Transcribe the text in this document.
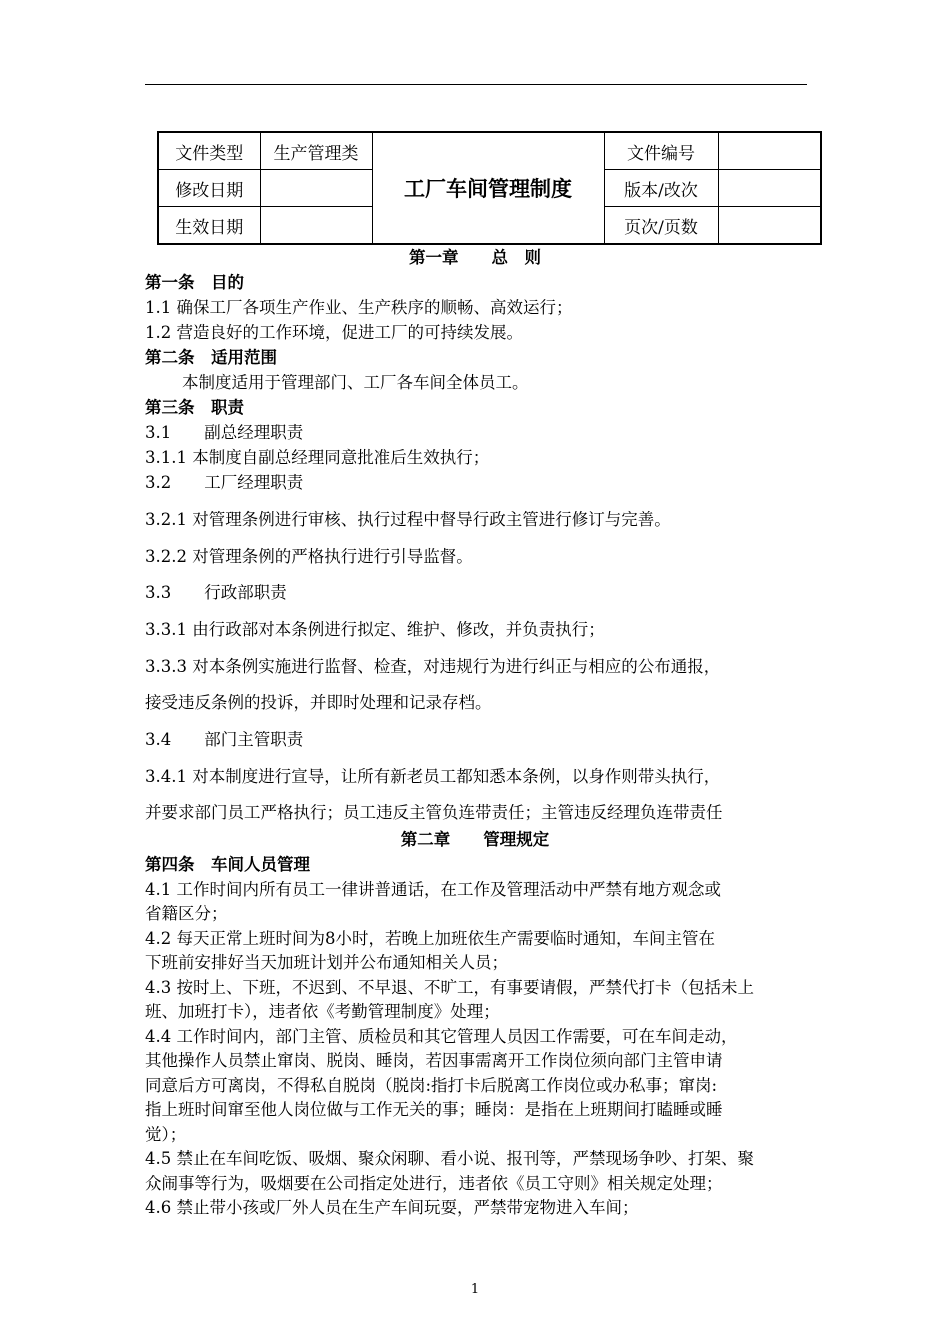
文件类型	生产管理类	工厂车间管理制度	文件编号	
修改日期			版本/改次	
生效日期			页次/页数	
第一章　　总　则
第一条　目的
1.1 确保工厂各项生产作业、生产秩序的顺畅、高效运行；
1.2 营造良好的工作环境，促进工厂的可持续发展。
第二条　适用范围
本制度适用于管理部门、工厂各车间全体员工。
第三条　职责
3.1　　副总经理职责
3.1.1 本制度自副总经理同意批准后生效执行；
3.2　　工厂经理职责
3.2.1 对管理条例进行审核、执行过程中督导行政主管进行修订与完善。
3.2.2 对管理条例的严格执行进行引导监督。
3.3　　行政部职责
3.3.1 由行政部对本条例进行拟定、维护、修改，并负责执行；
3.3.3 对本条例实施进行监督、检查，对违规行为进行纠正与相应的公布通报，
接受违反条例的投诉，并即时处理和记录存档。
3.4　　部门主管职责
3.4.1 对本制度进行宣导，让所有新老员工都知悉本条例，以身作则带头执行，
并要求部门员工严格执行；员工违反主管负连带责任；主管违反经理负连带责任
第二章　　管理规定
第四条　车间人员管理
4.1 工作时间内所有员工一律讲普通话，在工作及管理活动中严禁有地方观念或
省籍区分；
4.2 每天正常上班时间为8小时，若晚上加班依生产需要临时通知，车间主管在
下班前安排好当天加班计划并公布通知相关人员；
4.3 按时上、下班，不迟到、不早退、不旷工，有事要请假，严禁代打卡（包括未上
班、加班打卡），违者依《考勤管理制度》处理；
4.4 工作时间内，部门主管、质检员和其它管理人员因工作需要，可在车间走动，
其他操作人员禁止窜岗、脱岗、睡岗，若因事需离开工作岗位须向部门主管申请
同意后方可离岗，不得私自脱岗（脱岗:指打卡后脱离工作岗位或办私事；窜岗:
指上班时间窜至他人岗位做与工作无关的事；睡岗：是指在上班期间打瞌睡或睡
觉）；
4.5 禁止在车间吃饭、吸烟、聚众闲聊、看小说、报刊等，严禁现场争吵、打架、聚
众闹事等行为，吸烟要在公司指定处进行，违者依《员工守则》相关规定处理；
4.6 禁止带小孩或厂外人员在生产车间玩耍，严禁带宠物进入车间；
1
